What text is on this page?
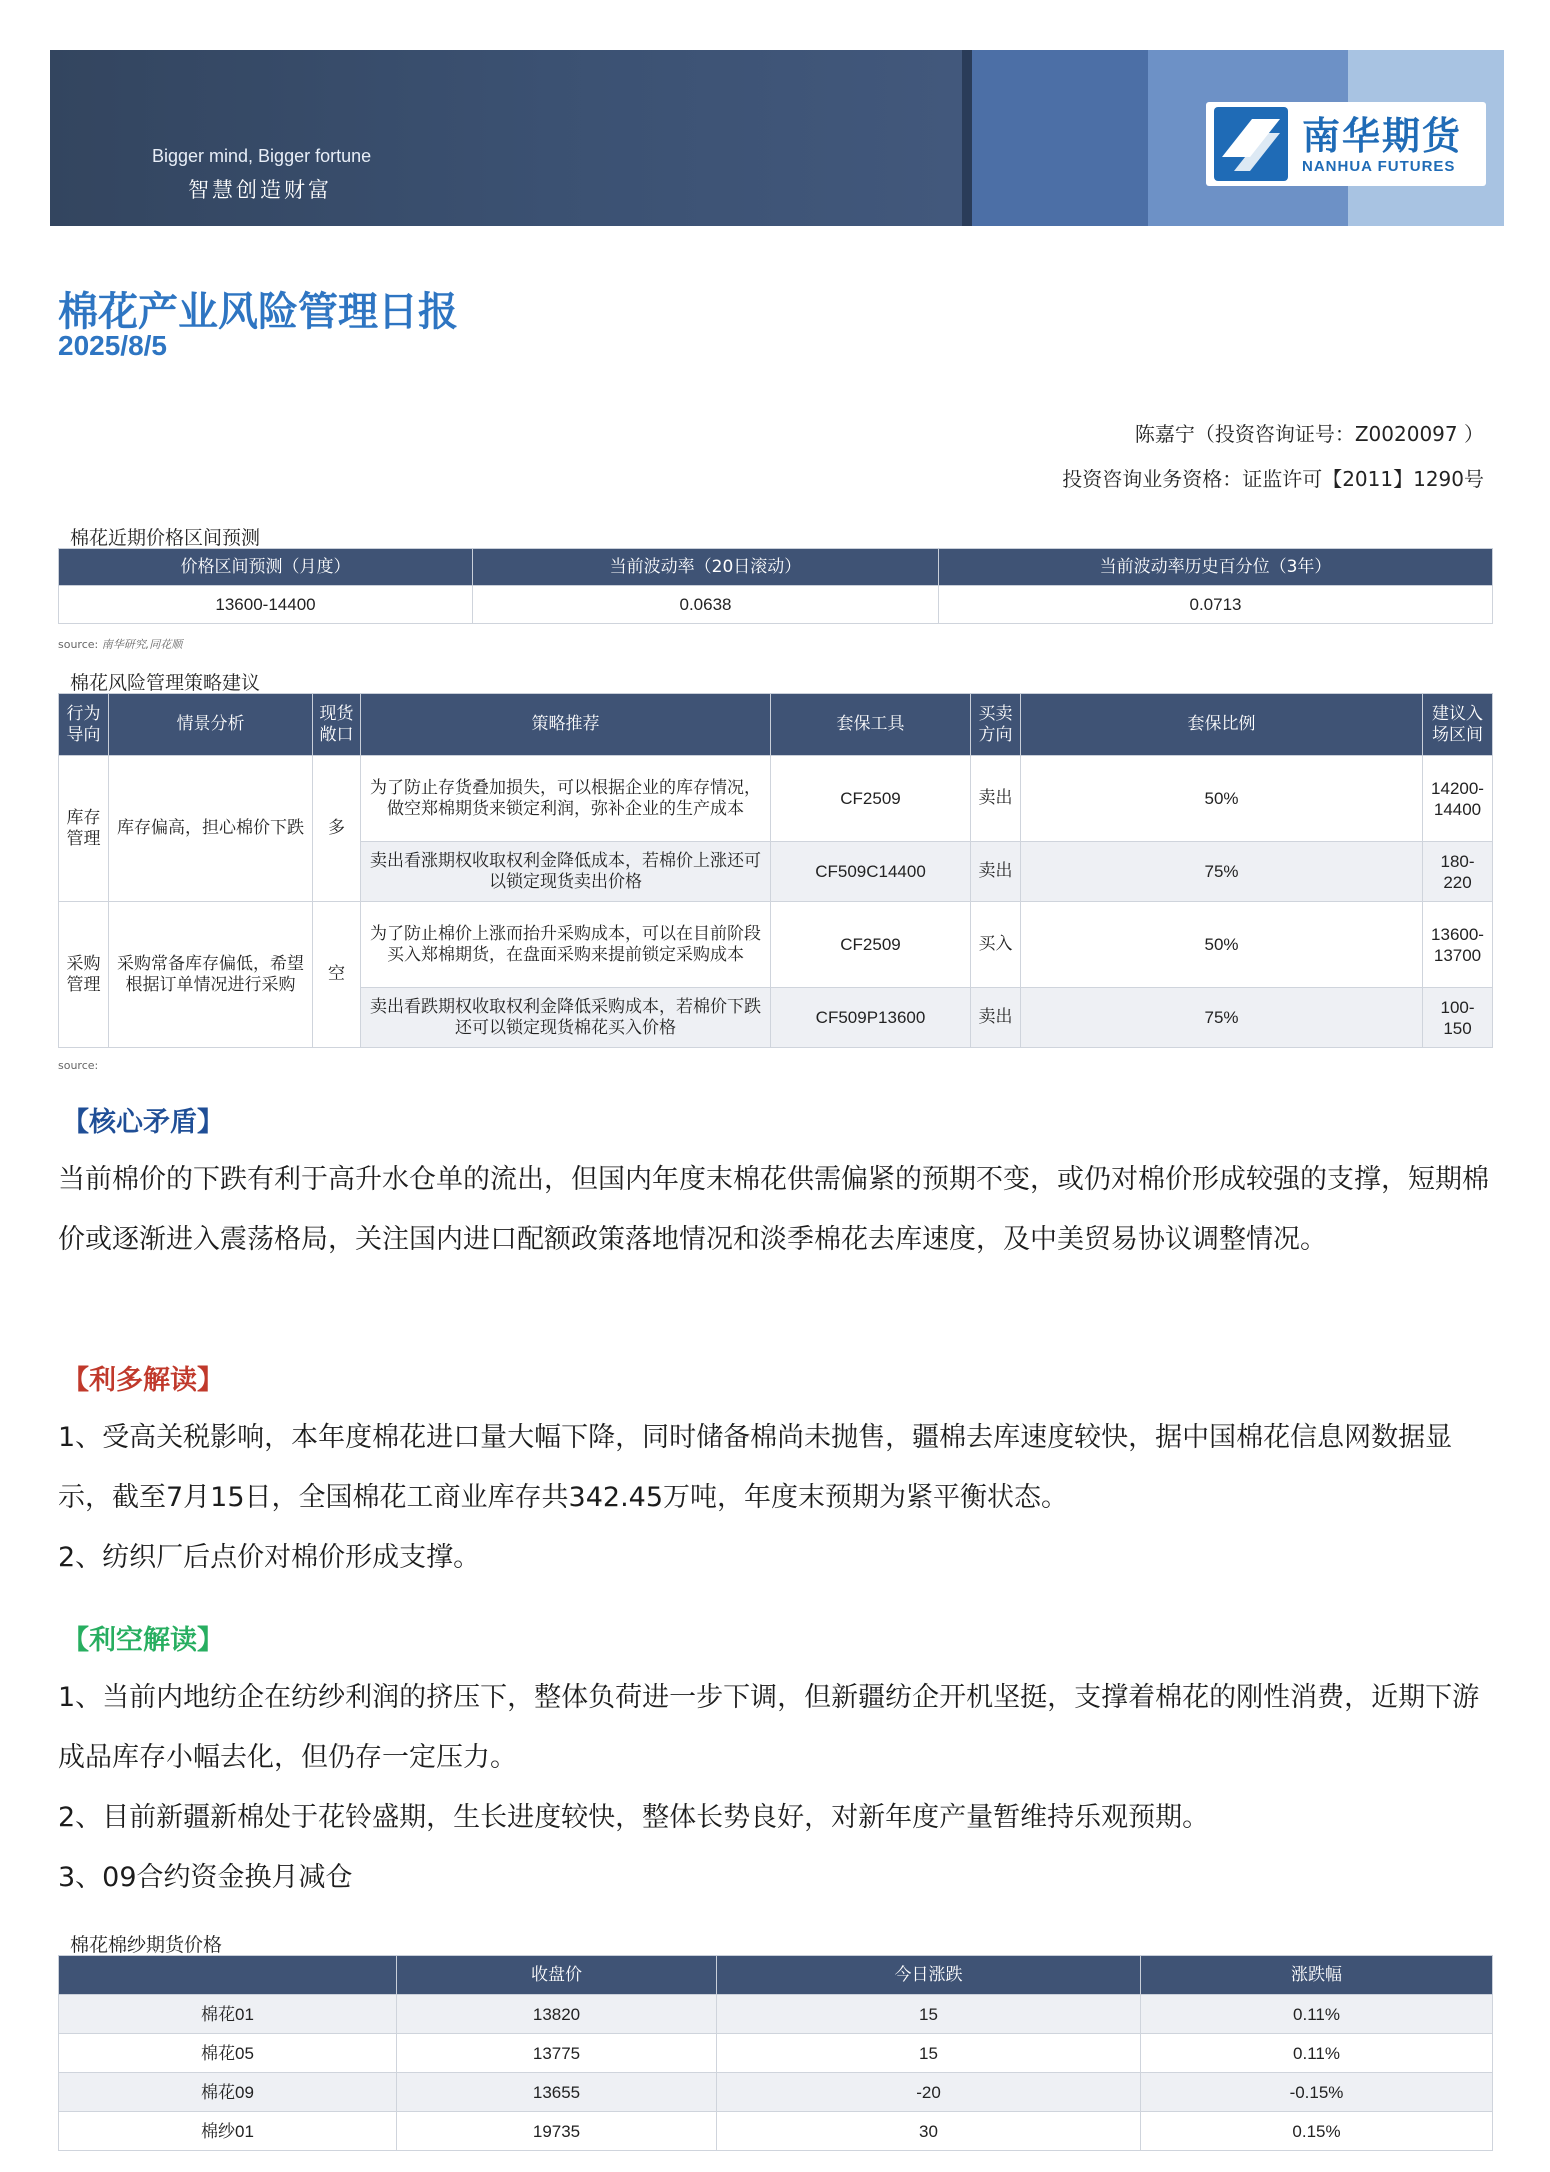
Bigger mind, Bigger fortune
智慧创造财富
南华期货
NANHUA FUTURES
棉花产业风险管理日报
2025/8/5
陈嘉宁（投资咨询证号：Z0020097 ）
投资咨询业务资格：证监许可【2011】1290号
棉花近期价格区间预测
价格区间预测（月度）	当前波动率（20日滚动）	当前波动率历史百分位（3年）
13600-14400	0.0638	0.0713
source: 南华研究,同花顺
棉花风险管理策略建议
行为导向	情景分析	现货敞口	策略推荐	套保工具	买卖方向	套保比例	建议入场区间
库存管理	库存偏高，担心棉价下跌	多	为了防止存货叠加损失，可以根据企业的库存情况，做空郑棉期货来锁定利润，弥补企业的生产成本	CF2509	卖出	50%	14200-14400
			卖出看涨期权收取权利金降低成本，若棉价上涨还可以锁定现货卖出价格	CF509C14400	卖出	75%	180-220
采购管理	采购常备库存偏低，希望根据订单情况进行采购	空	为了防止棉价上涨而抬升采购成本，可以在目前阶段买入郑棉期货，在盘面采购来提前锁定采购成本	CF2509	买入	50%	13600-13700
			卖出看跌期权收取权利金降低采购成本，若棉价下跌还可以锁定现货棉花买入价格	CF509P13600	卖出	75%	100-150
source:
【核心矛盾】
当前棉价的下跌有利于高升水仓单的流出，但国内年度末棉花供需偏紧的预期不变，或仍对棉价形成较强的支撑，短期棉价或逐渐进入震荡格局，关注国内进口配额政策落地情况和淡季棉花去库速度，及中美贸易协议调整情况。
【利多解读】
1、受高关税影响，本年度棉花进口量大幅下降，同时储备棉尚未抛售，疆棉去库速度较快，据中国棉花信息网数据显示，截至7月15日，全国棉花工商业库存共342.45万吨，年度末预期为紧平衡状态。
2、纺织厂后点价对棉价形成支撑。
【利空解读】
1、当前内地纺企在纺纱利润的挤压下，整体负荷进一步下调，但新疆纺企开机坚挺，支撑着棉花的刚性消费，近期下游成品库存小幅去化，但仍存一定压力。
2、目前新疆新棉处于花铃盛期，生长进度较快，整体长势良好，对新年度产量暂维持乐观预期。
3、09合约资金换月减仓
棉花棉纱期货价格
	收盘价	今日涨跌	涨跌幅
棉花01	13820	15	0.11%
棉花05	13775	15	0.11%
棉花09	13655	-20	-0.15%
棉纱01	19735	30	0.15%
